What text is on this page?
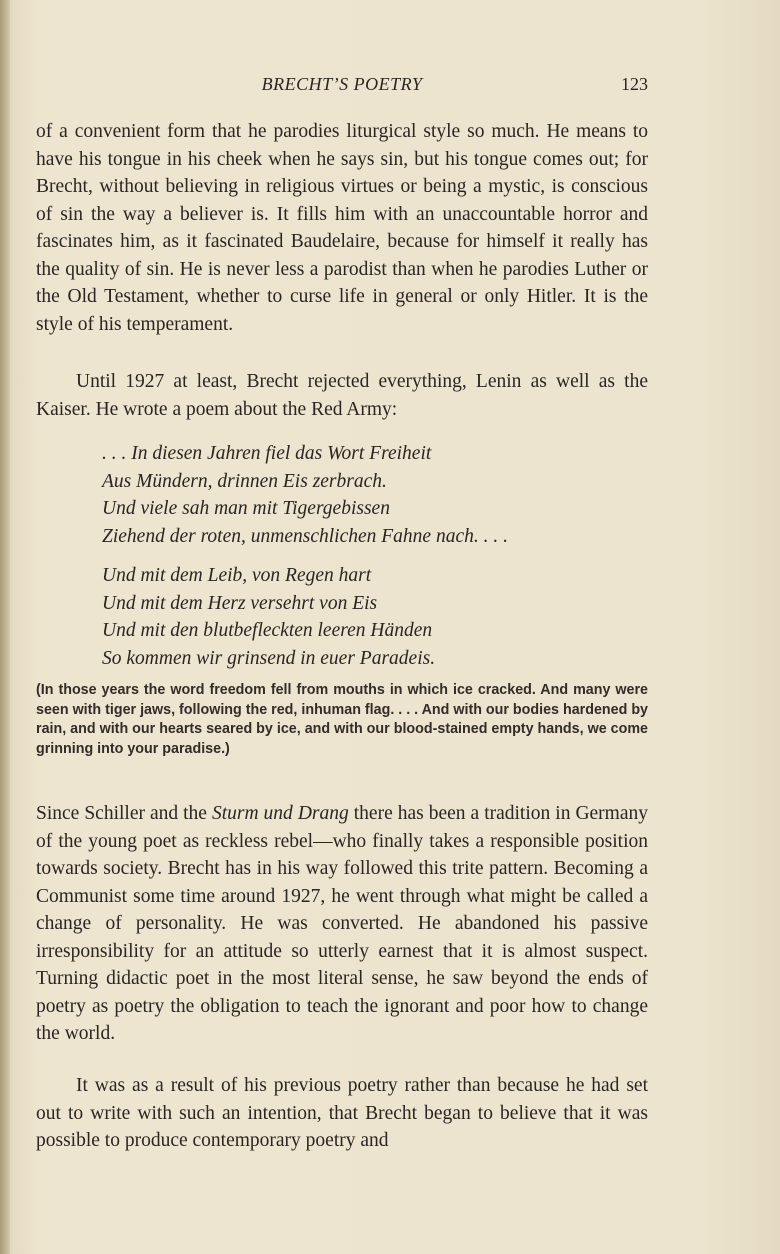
BRECHT’S POETRY	123

of a convenient form that he parodies liturgical style so much. He means to have his tongue in his cheek when he says sin, but his tongue comes out; for Brecht, without believing in religious virtues or being a mystic, is conscious of sin the way a believer is. It fills him with an unaccountable horror and fascinates him, as it fascinated Baudelaire, because for himself it really has the quality of sin. He is never less a parodist than when he parodies Luther or the Old Testament, whether to curse life in general or only Hitler. It is the style of his temperament.

Until 1927 at least, Brecht rejected everything, Lenin as well as the Kaiser. He wrote a poem about the Red Army:

. . . In diesen Jahren fiel das Wort Freiheit
Aus Mündern, drinnen Eis zerbrach.
Und viele sah man mit Tigergebissen
Ziehend der roten, unmenschlichen Fahne nach. . . .
Und mit dem Leib, von Regen hart
Und mit dem Herz versehrt von Eis
Und mit den blutbefleckten leeren Händen
So kommen wir grinsend in euer Paradeis.
(In those years the word freedom fell from mouths in which ice cracked. And many were seen with tiger jaws, following the red, inhuman flag. . . . And with our bodies hardened by rain, and with our hearts seared by ice, and with our blood-stained empty hands, we come grinning into your paradise.)

Since Schiller and the Sturm und Drang there has been a tradition in Germany of the young poet as reckless rebel—who finally takes a responsible position towards society. Brecht has in his way followed this trite pattern. Becoming a Communist some time around 1927, he went through what might be called a change of personality. He was converted. He abandoned his passive irresponsibility for an attitude so utterly earnest that it is almost suspect. Turning didactic poet in the most literal sense, he saw beyond the ends of poetry as poetry the obligation to teach the ignorant and poor how to change the world.

It was as a result of his previous poetry rather than because he had set out to write with such an intention, that Brecht began to believe that it was possible to produce contemporary poetry and
